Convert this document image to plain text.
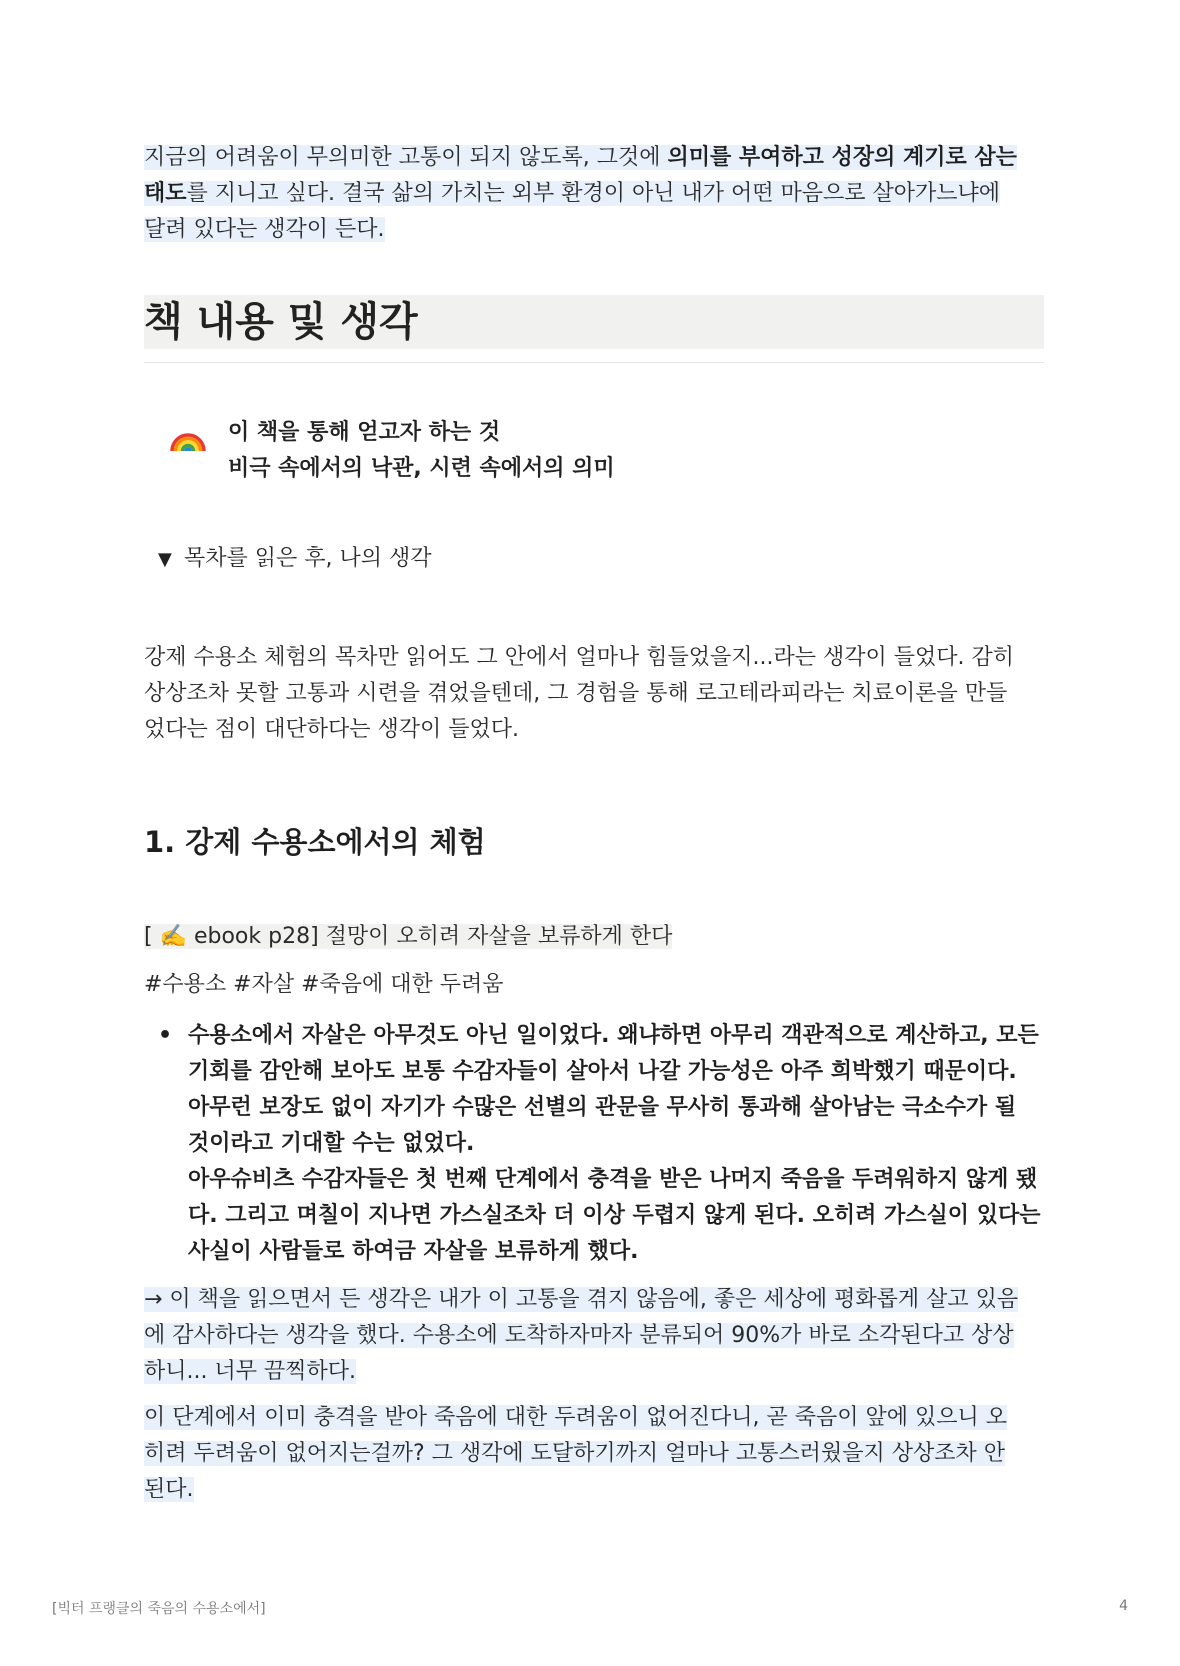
지금의 어려움이 무의미한 고통이 되지 않도록, 그것에 의미를 부여하고 성장의 계기로 삼는
태도를 지니고 싶다. 결국 삶의 가치는 외부 환경이 아닌 내가 어떤 마음으로 살아가느냐에
달려 있다는 생각이 든다.
책 내용 및 생각
이 책을 통해 얻고자 하는 것
비극 속에서의 낙관, 시련 속에서의 의미
▼ 목차를 읽은 후, 나의 생각
강제 수용소 체험의 목차만 읽어도 그 안에서 얼마나 힘들었을지...라는 생각이 들었다. 감히
상상조차 못할 고통과 시련을 겪었을텐데, 그 경험을 통해 로고테라피라는 치료이론을 만들
었다는 점이 대단하다는 생각이 들었다.
1. 강제 수용소에서의 체험
[ ✍️ ebook p28] 절망이 오히려 자살을 보류하게 한다
#수용소 #자살 #죽음에 대한 두려움
• 수용소에서 자살은 아무것도 아닌 일이었다. 왜냐하면 아무리 객관적으로 계산하고, 모든
기회를 감안해 보아도 보통 수감자들이 살아서 나갈 가능성은 아주 희박했기 때문이다.
아무런 보장도 없이 자기가 수많은 선별의 관문을 무사히 통과해 살아남는 극소수가 될
것이라고 기대할 수는 없었다.
아우슈비츠 수감자들은 첫 번째 단계에서 충격을 받은 나머지 죽음을 두려워하지 않게 됐
다. 그리고 며칠이 지나면 가스실조차 더 이상 두렵지 않게 된다. 오히려 가스실이 있다는
사실이 사람들로 하여금 자살을 보류하게 했다.
→ 이 책을 읽으면서 든 생각은 내가 이 고통을 겪지 않음에, 좋은 세상에 평화롭게 살고 있음
에 감사하다는 생각을 했다. 수용소에 도착하자마자 분류되어 90%가 바로 소각된다고 상상
하니... 너무 끔찍하다.
이 단계에서 이미 충격을 받아 죽음에 대한 두려움이 없어진다니, 곧 죽음이 앞에 있으니 오
히려 두려움이 없어지는걸까? 그 생각에 도달하기까지 얼마나 고통스러웠을지 상상조차 안
된다.
[빅터 프랭클의 죽음의 수용소에서]	4
